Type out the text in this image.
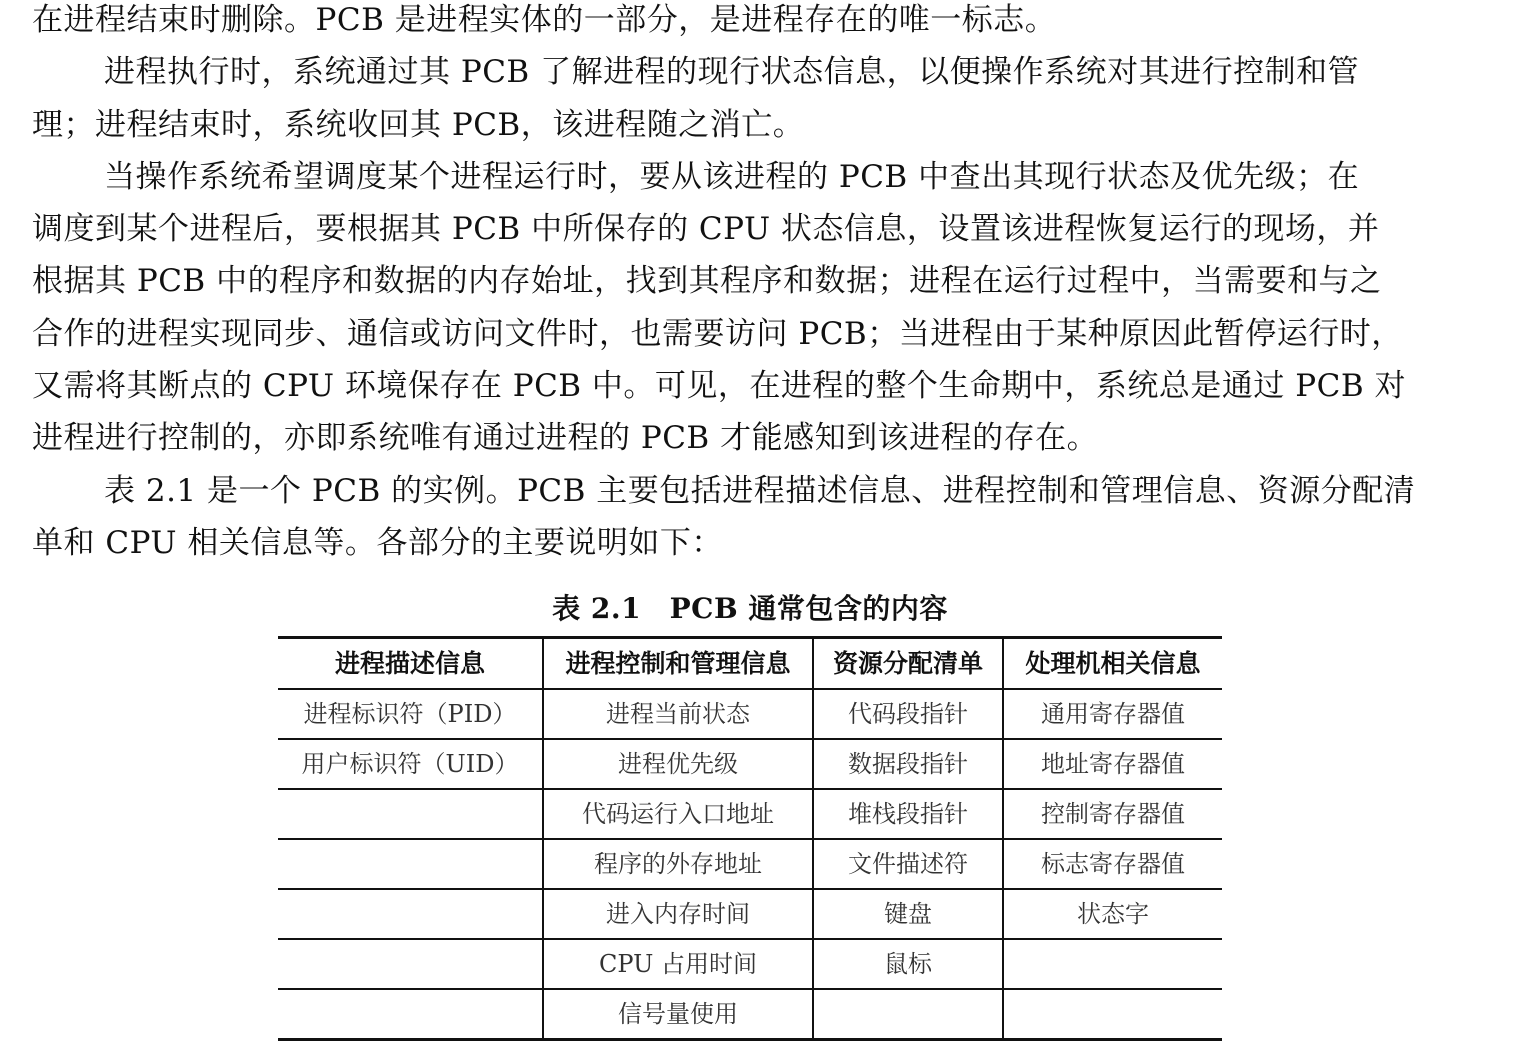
在进程结束时删除。PCB 是进程实体的一部分，是进程存在的唯一标志。
进程执行时，系统通过其 PCB 了解进程的现行状态信息，以便操作系统对其进行控制和管
理；进程结束时，系统收回其 PCB，该进程随之消亡。
当操作系统希望调度某个进程运行时，要从该进程的 PCB 中查出其现行状态及优先级；在
调度到某个进程后，要根据其 PCB 中所保存的 CPU 状态信息，设置该进程恢复运行的现场，并
根据其 PCB 中的程序和数据的内存始址，找到其程序和数据；进程在运行过程中，当需要和与之
合作的进程实现同步、通信或访问文件时，也需要访问 PCB；当进程由于某种原因此暂停运行时，
又需将其断点的 CPU 环境保存在 PCB 中。可见，在进程的整个生命期中，系统总是通过 PCB 对
进程进行控制的，亦即系统唯有通过进程的 PCB 才能感知到该进程的存在。
表 2.1 是一个 PCB 的实例。PCB 主要包括进程描述信息、进程控制和管理信息、资源分配清
单和 CPU 相关信息等。各部分的主要说明如下：
表 2.1　PCB 通常包含的内容
进程描述信息	进程控制和管理信息	资源分配清单	处理机相关信息
进程标识符（PID）	进程当前状态	代码段指针	通用寄存器值
用户标识符（UID）	进程优先级	数据段指针	地址寄存器值
	代码运行入口地址	堆栈段指针	控制寄存器值
	程序的外存地址	文件描述符	标志寄存器值
	进入内存时间	键盘	状态字
	CPU 占用时间	鼠标	
	信号量使用		
